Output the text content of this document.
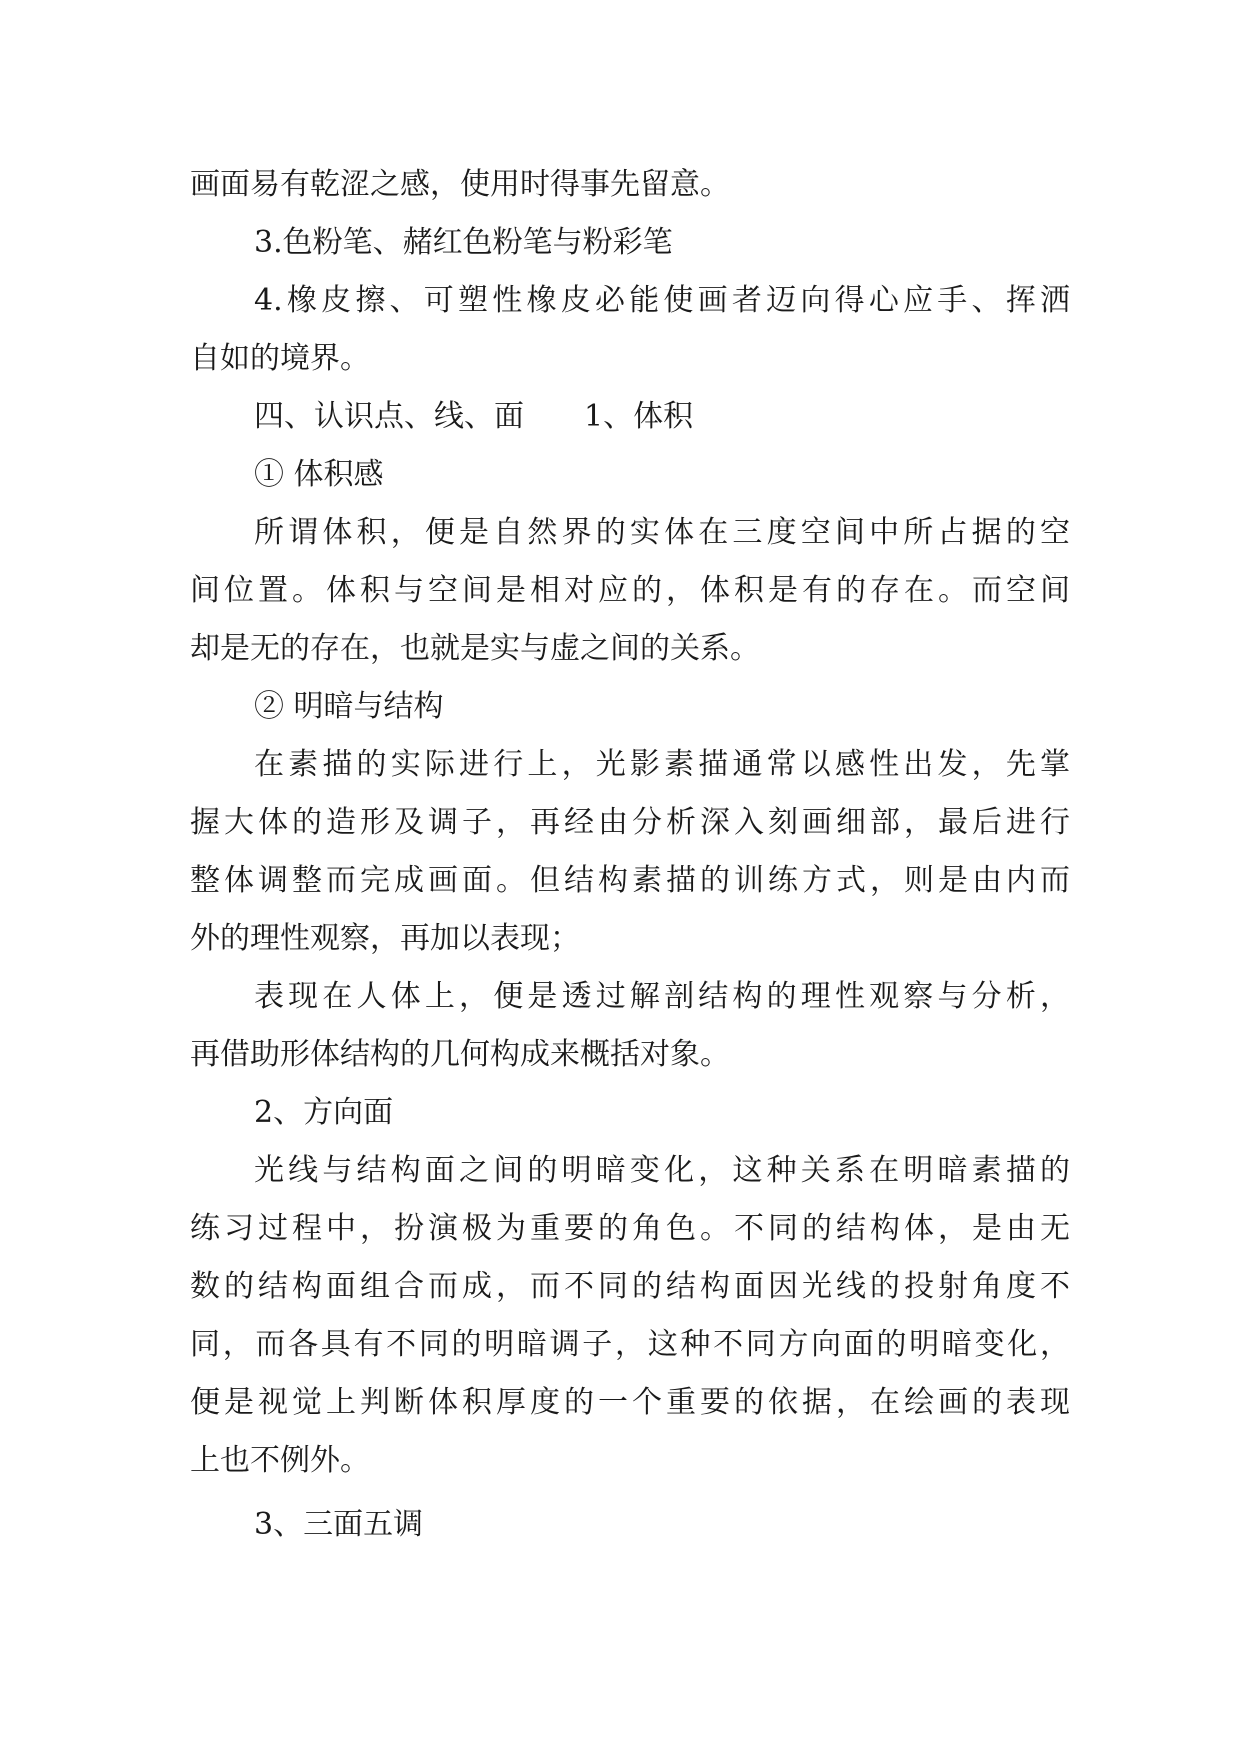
画面易有乾涩之感，使用时得事先留意。
3.色粉笔、赭红色粉笔与粉彩笔
4.橡皮擦、可塑性橡皮必能使画者迈向得心应手、挥洒
自如的境界。
四、认识点、线、面　　1、体积
① 体积感
所谓体积，便是自然界的实体在三度空间中所占据的空
间位置。体积与空间是相对应的，体积是有的存在。而空间
却是无的存在，也就是实与虚之间的关系。
② 明暗与结构
在素描的实际进行上，光影素描通常以感性出发，先掌
握大体的造形及调子，再经由分析深入刻画细部，最后进行
整体调整而完成画面。但结构素描的训练方式，则是由内而
外的理性观察，再加以表现；
表现在人体上，便是透过解剖结构的理性观察与分析，
再借助形体结构的几何构成来概括对象。
2、方向面
光线与结构面之间的明暗变化，这种关系在明暗素描的
练习过程中，扮演极为重要的角色。不同的结构体，是由无
数的结构面组合而成，而不同的结构面因光线的投射角度不
同，而各具有不同的明暗调子，这种不同方向面的明暗变化，
便是视觉上判断体积厚度的一个重要的依据，在绘画的表现
上也不例外。
3、三面五调
